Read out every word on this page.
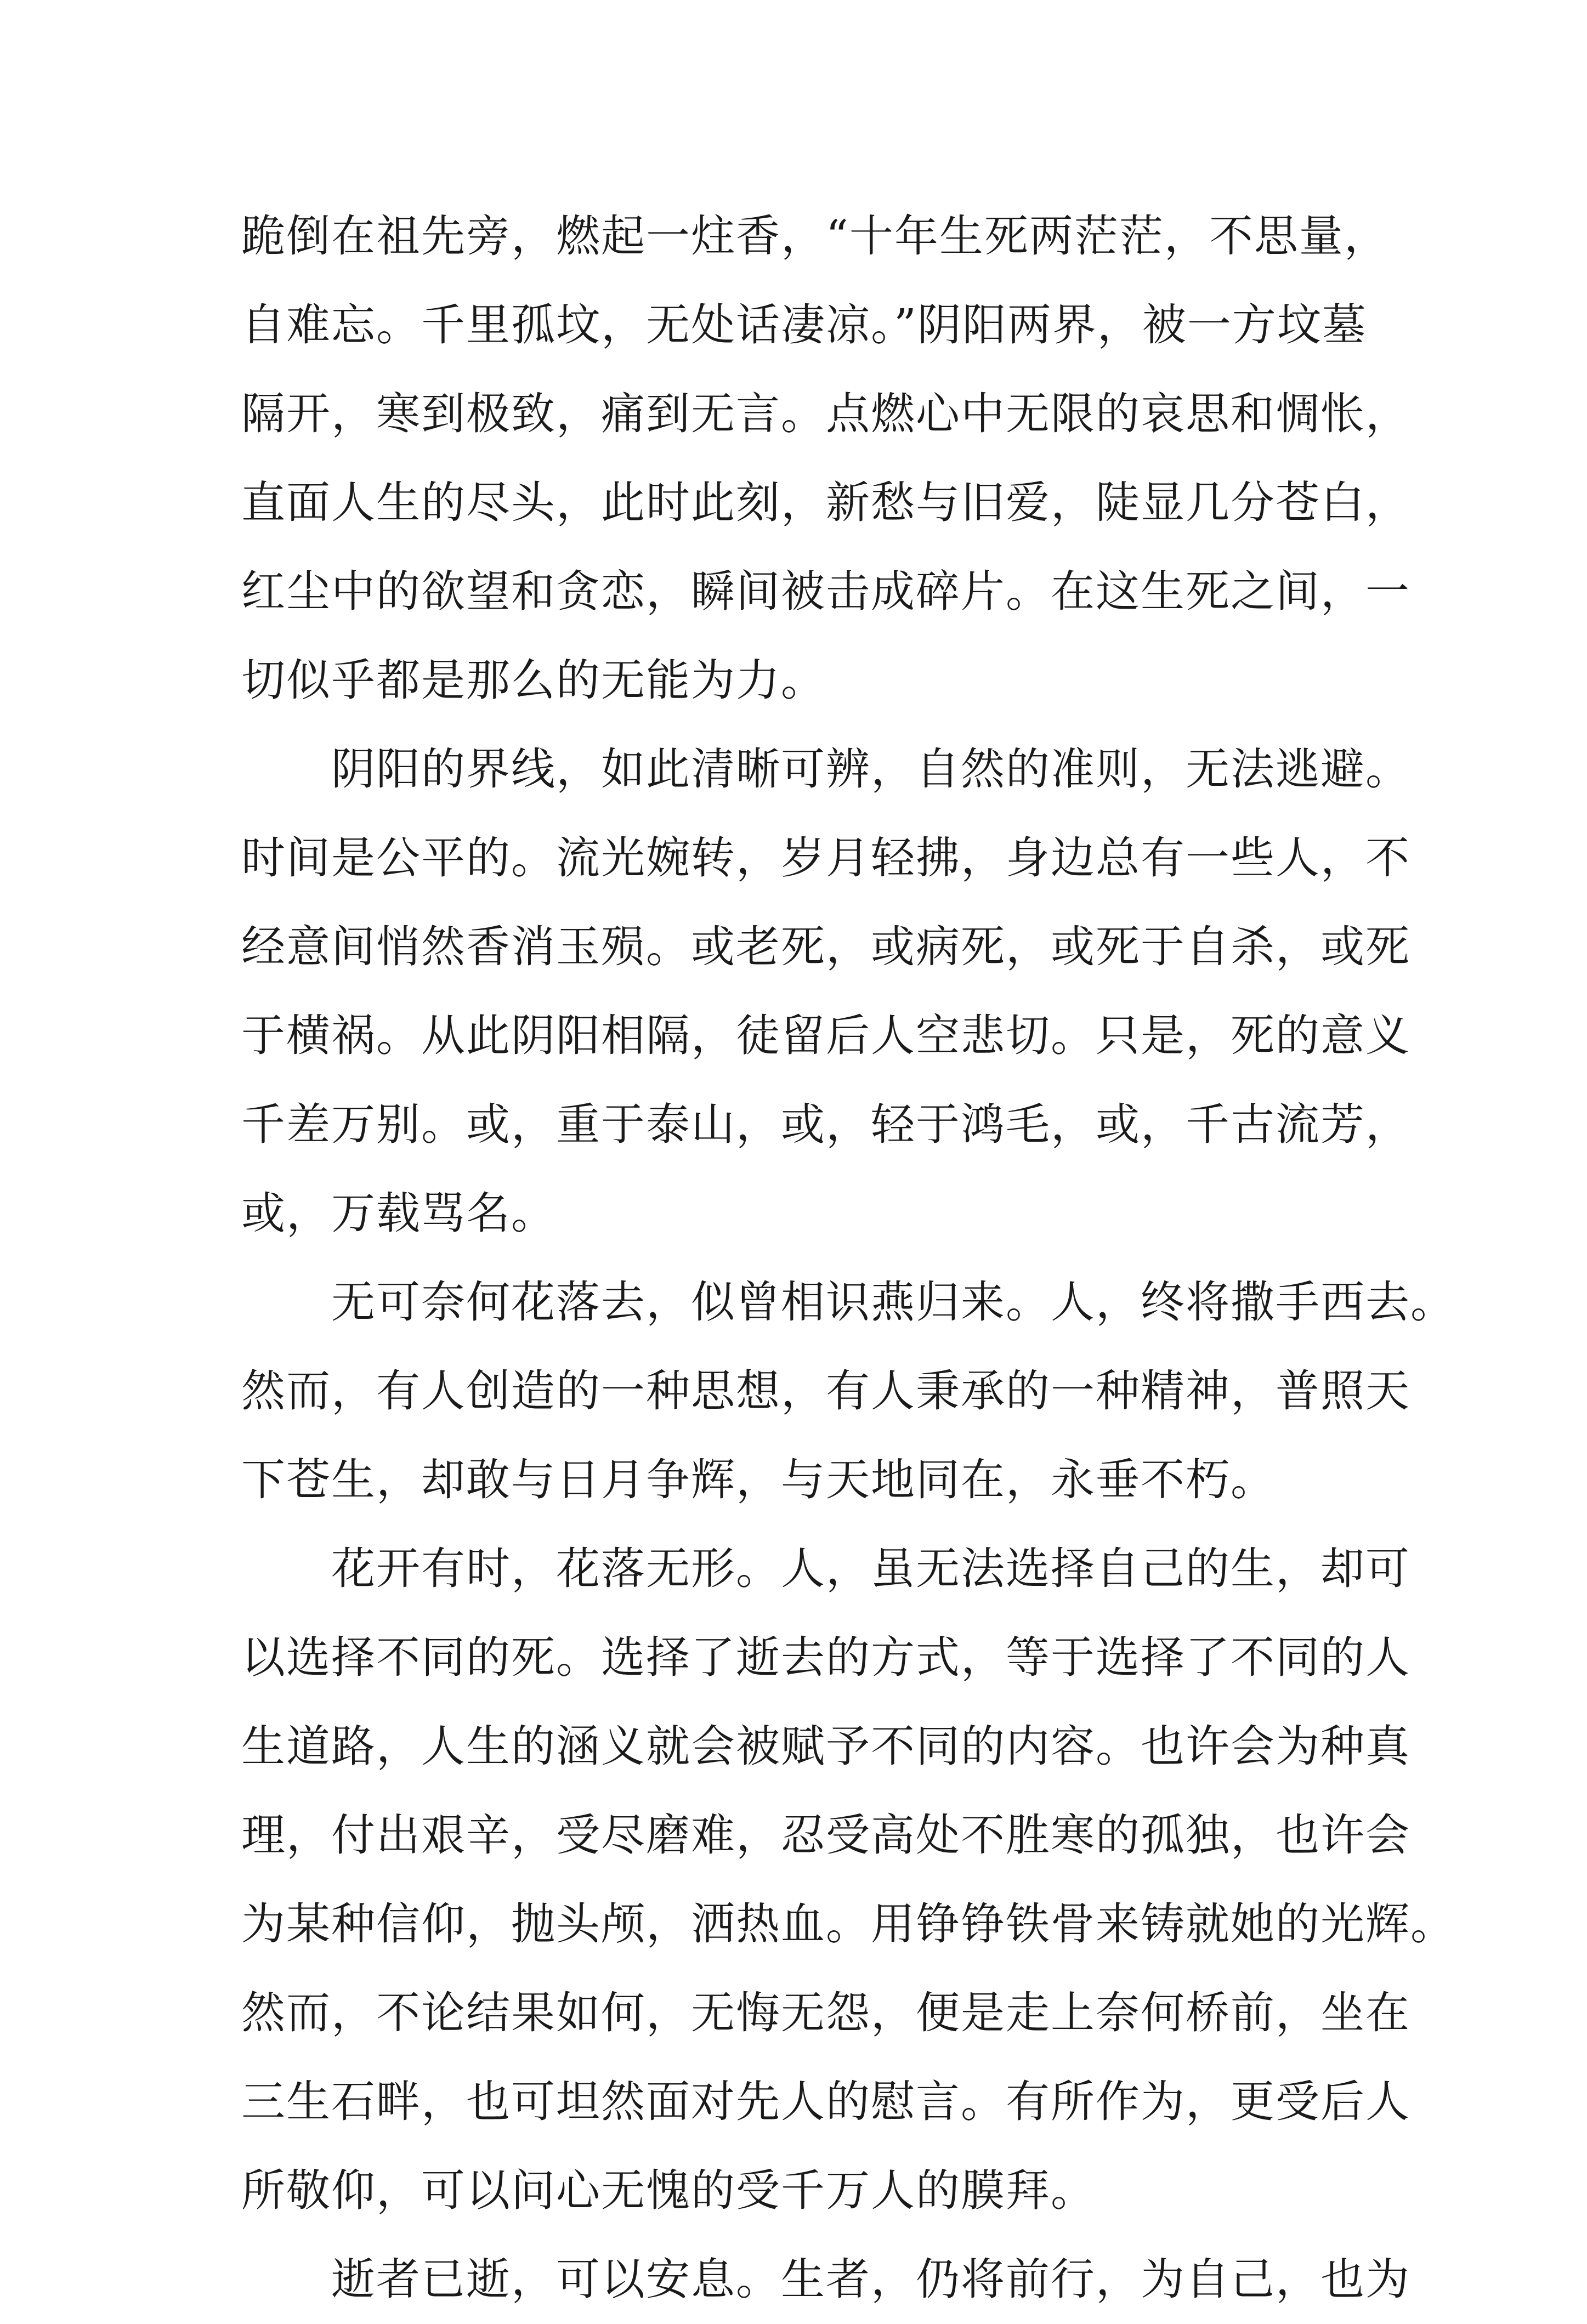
跪倒在祖先旁，燃起一炷香，“十年生死两茫茫，不思量，
自难忘。千里孤坟，无处话凄凉。”阴阳两界，被一方坟墓
隔开，寒到极致，痛到无言。点燃心中无限的哀思和惆怅，
直面人生的尽头，此时此刻，新愁与旧爱，陡显几分苍白，
红尘中的欲望和贪恋，瞬间被击成碎片。在这生死之间，一
切似乎都是那么的无能为力。
　　阴阳的界线，如此清晰可辨，自然的准则，无法逃避。
时间是公平的。流光婉转，岁月轻拂，身边总有一些人，不
经意间悄然香消玉殒。或老死，或病死，或死于自杀，或死
于横祸。从此阴阳相隔，徒留后人空悲切。只是，死的意义
千差万别。或，重于泰山，或，轻于鸿毛，或，千古流芳，
或，万载骂名。
　　无可奈何花落去，似曾相识燕归来。人，终将撒手西去。
然而，有人创造的一种思想，有人秉承的一种精神，普照天
下苍生，却敢与日月争辉，与天地同在，永垂不朽。
　　花开有时，花落无形。人，虽无法选择自己的生，却可
以选择不同的死。选择了逝去的方式，等于选择了不同的人
生道路，人生的涵义就会被赋予不同的内容。也许会为种真
理，付出艰辛，受尽磨难，忍受高处不胜寒的孤独，也许会
为某种信仰，抛头颅，洒热血。用铮铮铁骨来铸就她的光辉。
然而，不论结果如何，无悔无怨，便是走上奈何桥前，坐在
三生石畔，也可坦然面对先人的慰言。有所作为，更受后人
所敬仰，可以问心无愧的受千万人的膜拜。
　　逝者已逝，可以安息。生者，仍将前行，为自己，也为
